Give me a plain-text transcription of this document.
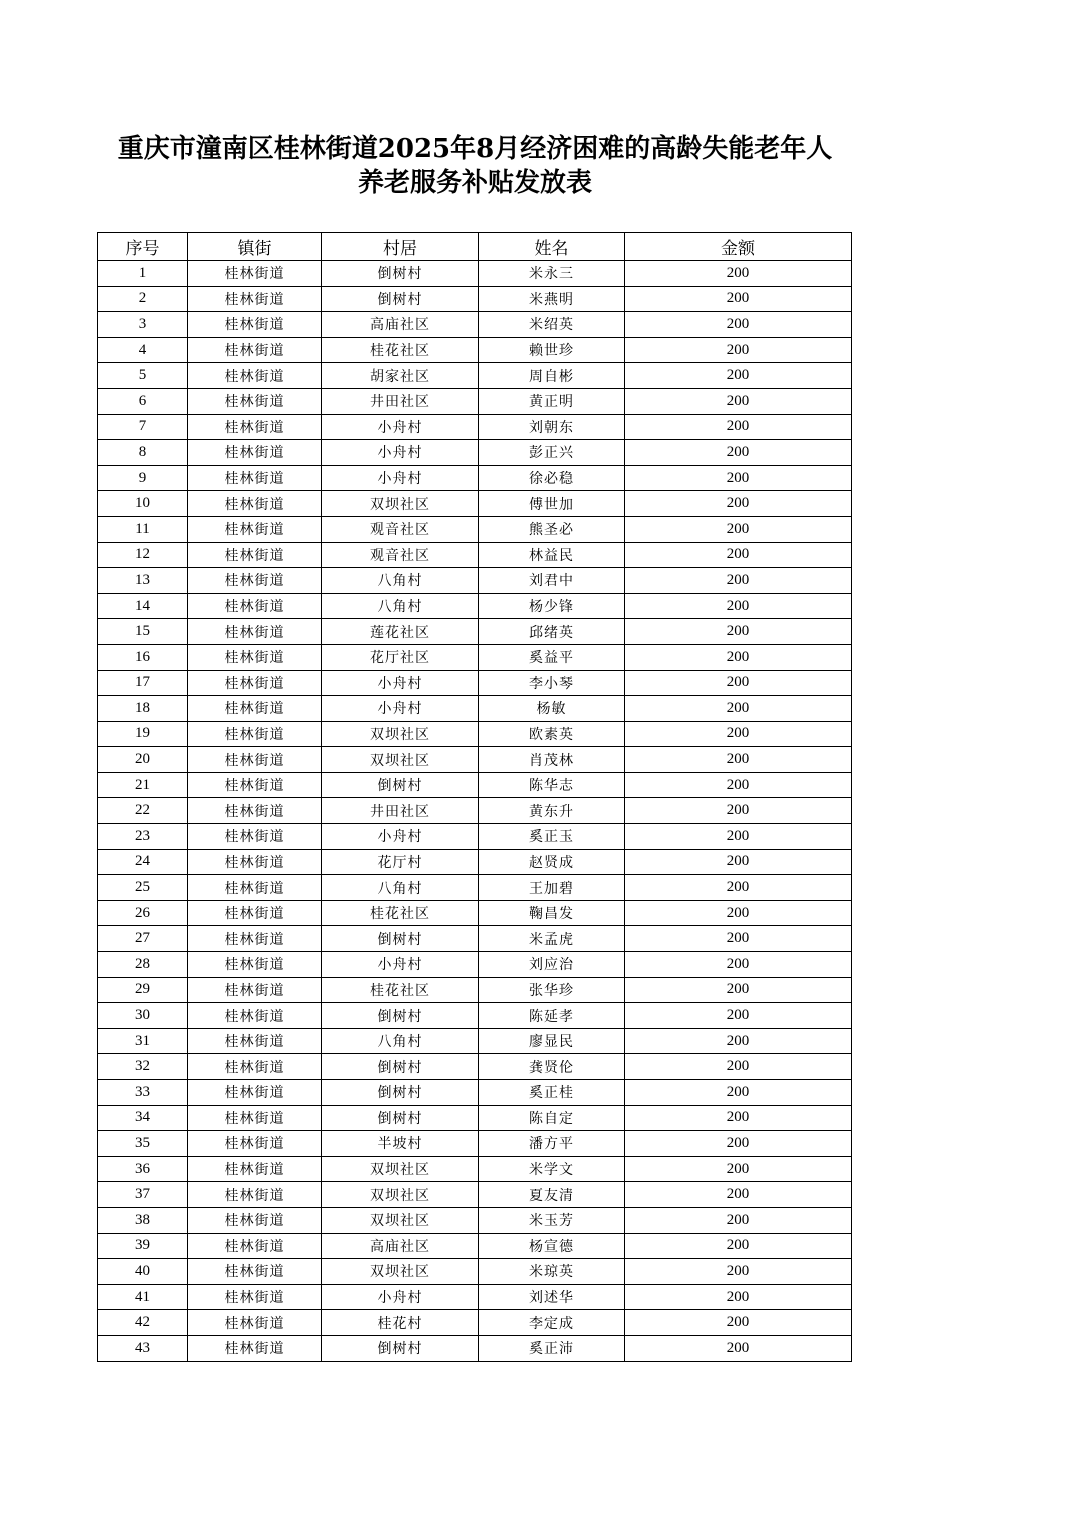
重庆市潼南区桂林街道2025年8月经济困难的高龄失能老年人
养老服务补贴发放表
序号	镇街	村居	姓名	金额
1	桂林街道	倒树村	米永三	200
2	桂林街道	倒树村	米燕明	200
3	桂林街道	高庙社区	米绍英	200
4	桂林街道	桂花社区	赖世珍	200
5	桂林街道	胡家社区	周自彬	200
6	桂林街道	井田社区	黄正明	200
7	桂林街道	小舟村	刘朝东	200
8	桂林街道	小舟村	彭正兴	200
9	桂林街道	小舟村	徐必稳	200
10	桂林街道	双坝社区	傅世加	200
11	桂林街道	观音社区	熊圣必	200
12	桂林街道	观音社区	林益民	200
13	桂林街道	八角村	刘君中	200
14	桂林街道	八角村	杨少锋	200
15	桂林街道	莲花社区	邱绪英	200
16	桂林街道	花厅社区	奚益平	200
17	桂林街道	小舟村	李小琴	200
18	桂林街道	小舟村	杨敏	200
19	桂林街道	双坝社区	欧素英	200
20	桂林街道	双坝社区	肖茂林	200
21	桂林街道	倒树村	陈华志	200
22	桂林街道	井田社区	黄东升	200
23	桂林街道	小舟村	奚正玉	200
24	桂林街道	花厅村	赵贤成	200
25	桂林街道	八角村	王加碧	200
26	桂林街道	桂花社区	鞠昌发	200
27	桂林街道	倒树村	米孟虎	200
28	桂林街道	小舟村	刘应治	200
29	桂林街道	桂花社区	张华珍	200
30	桂林街道	倒树村	陈延孝	200
31	桂林街道	八角村	廖显民	200
32	桂林街道	倒树村	龚贤伦	200
33	桂林街道	倒树村	奚正桂	200
34	桂林街道	倒树村	陈自定	200
35	桂林街道	半坡村	潘方平	200
36	桂林街道	双坝社区	米学文	200
37	桂林街道	双坝社区	夏友清	200
38	桂林街道	双坝社区	米玉芳	200
39	桂林街道	高庙社区	杨宣德	200
40	桂林街道	双坝社区	米琼英	200
41	桂林街道	小舟村	刘述华	200
42	桂林街道	桂花村	李定成	200
43	桂林街道	倒树村	奚正沛	200
